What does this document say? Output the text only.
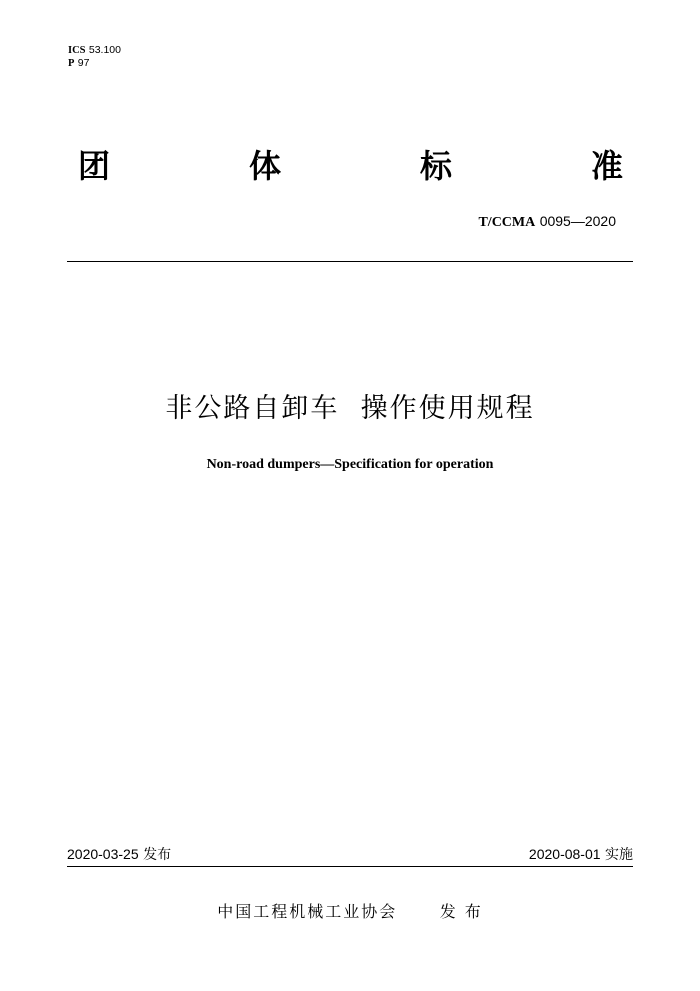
ICS 53.100
P 97
团	体	标	准
T/CCMA 0095—2020
非公路自卸车  操作使用规程
Non-road dumpers—Specification for operation
2020-03-25 发布	2020-08-01 实施
中国工程机械工业协会	发 布
